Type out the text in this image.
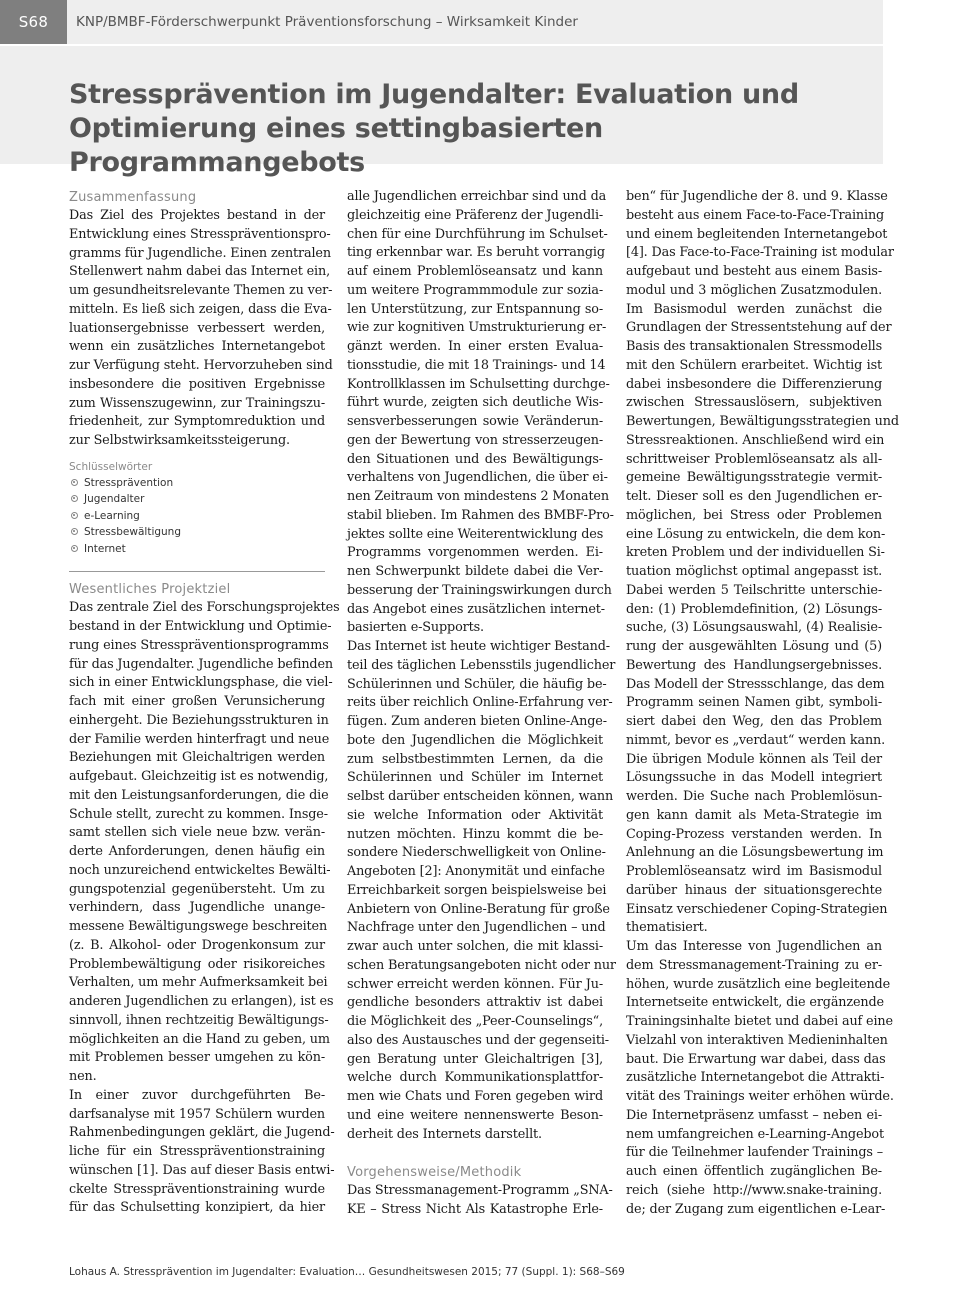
S68	KNP/BMBF-Förderschwerpunkt Präventionsforschung – Wirksamkeit Kinder
Stressprävention im Jugendalter: Evaluation und
Optimierung eines settingbasierten Programmangebots
Zusammenfassung
Das Ziel des Projektes bestand in der
Entwicklung eines Stresspräventionspro-
gramms für Jugendliche. Einen zentralen
Stellenwert nahm dabei das Internet ein,
um gesundheitsrelevante Themen zu ver-
mitteln. Es ließ sich zeigen, dass die Eva-
luationsergebnisse verbessert werden,
wenn ein zusätzliches Internetangebot
zur Verfügung steht. Hervorzuheben sind
insbesondere die positiven Ergebnisse
zum Wissenszugewinn, zur Trainingszu-
friedenheit, zur Symptomreduktion und
zur Selbstwirksamkeitssteigerung.
Schlüsselwörter
Stressprävention
Jugendalter
e-Learning
Stressbewältigung
Internet
Wesentliches Projektziel
Das zentrale Ziel des Forschungsprojektes
bestand in der Entwicklung und Optimie-
rung eines Stresspräventionsprogramms
für das Jugendalter. Jugendliche befinden
sich in einer Entwicklungsphase, die viel-
fach mit einer großen Verunsicherung
einhergeht. Die Beziehungsstrukturen in
der Familie werden hinterfragt und neue
Beziehungen mit Gleichaltrigen werden
aufgebaut. Gleichzeitig ist es notwendig,
mit den Leistungsanforderungen, die die
Schule stellt, zurecht zu kommen. Insge-
samt stellen sich viele neue bzw. verän-
derte Anforderungen, denen häufig ein
noch unzureichend entwickeltes Bewälti-
gungspotenzial gegenübersteht. Um zu
verhindern, dass Jugendliche unange-
messene Bewältigungswege beschreiten
(z. B. Alkohol- oder Drogenkonsum zur
Problembewältigung oder risikoreiches
Verhalten, um mehr Aufmerksamkeit bei
anderen Jugendlichen zu erlangen), ist es
sinnvoll, ihnen rechtzeitig Bewältigungs-
möglichkeiten an die Hand zu geben, um
mit Problemen besser umgehen zu kön-
nen.
In einer zuvor durchgeführten Be-
darfsanalyse mit 1957 Schülern wurden
Rahmenbedingungen geklärt, die Jugend-
liche für ein Stresspräventionstraining
wünschen [1]. Das auf dieser Basis entwi-
ckelte Stresspräventionstraining wurde
für das Schulsetting konzipiert, da hier
alle Jugendlichen erreichbar sind und da
gleichzeitig eine Präferenz der Jugendli-
chen für eine Durchführung im Schulset-
ting erkennbar war. Es beruht vorrangig
auf einem Problemlöseansatz und kann
um weitere Programmmodule zur sozia-
len Unterstützung, zur Entspannung so-
wie zur kognitiven Umstrukturierung er-
gänzt werden. In einer ersten Evalua-
tionsstudie, die mit 18 Trainings- und 14
Kontrollklassen im Schulsetting durchge-
führt wurde, zeigten sich deutliche Wis-
sensverbesserungen sowie Veränderun-
gen der Bewertung von stresserzeugen-
den Situationen und des Bewältigungs-
verhaltens von Jugendlichen, die über ei-
nen Zeitraum von mindestens 2 Monaten
stabil blieben. Im Rahmen des BMBF-Pro-
jektes sollte eine Weiterentwicklung des
Programms vorgenommen werden. Ei-
nen Schwerpunkt bildete dabei die Ver-
besserung der Trainingswirkungen durch
das Angebot eines zusätzlichen internet-
basierten e-Supports.
Das Internet ist heute wichtiger Bestand-
teil des täglichen Lebensstils jugendlicher
Schülerinnen und Schüler, die häufig be-
reits über reichlich Online-Erfahrung ver-
fügen. Zum anderen bieten Online-Ange-
bote den Jugendlichen die Möglichkeit
zum selbstbestimmten Lernen, da die
Schülerinnen und Schüler im Internet
selbst darüber entscheiden können, wann
sie welche Information oder Aktivität
nutzen möchten. Hinzu kommt die be-
sondere Niederschwelligkeit von Online-
Angeboten [2]: Anonymität und einfache
Erreichbarkeit sorgen beispielsweise bei
Anbietern von Online-Beratung für große
Nachfrage unter den Jugendlichen – und
zwar auch unter solchen, die mit klassi-
schen Beratungsangeboten nicht oder nur
schwer erreicht werden können. Für Ju-
gendliche besonders attraktiv ist dabei
die Möglichkeit des „Peer-Counselings“,
also des Austausches und der gegenseiti-
gen Beratung unter Gleichaltrigen [3],
welche durch Kommunikationsplattfor-
men wie Chats und Foren gegeben wird
und eine weitere nennenswerte Beson-
derheit des Internets darstellt.
Vorgehensweise/Methodik
Das Stressmanagement-Programm „SNA-
KE – Stress Nicht Als Katastrophe Erle-
ben“ für Jugendliche der 8. und 9. Klasse
besteht aus einem Face-to-Face-Training
und einem begleitenden Internetangebot
[4]. Das Face-to-Face-Training ist modular
aufgebaut und besteht aus einem Basis-
modul und 3 möglichen Zusatzmodulen.
Im Basismodul werden zunächst die
Grundlagen der Stressentstehung auf der
Basis des transaktionalen Stressmodells
mit den Schülern erarbeitet. Wichtig ist
dabei insbesondere die Differenzierung
zwischen Stressauslösern, subjektiven
Bewertungen, Bewältigungsstrategien und
Stressreaktionen. Anschließend wird ein
schrittweiser Problemlöseansatz als all-
gemeine Bewältigungsstrategie vermit-
telt. Dieser soll es den Jugendlichen er-
möglichen, bei Stress oder Problemen
eine Lösung zu entwickeln, die dem kon-
kreten Problem und der individuellen Si-
tuation möglichst optimal angepasst ist.
Dabei werden 5 Teilschritte unterschie-
den: (1) Problemdefinition, (2) Lösungs-
suche, (3) Lösungsauswahl, (4) Realisie-
rung der ausgewählten Lösung und (5)
Bewertung des Handlungsergebnisses.
Das Modell der Stressschlange, das dem
Programm seinen Namen gibt, symboli-
siert dabei den Weg, den das Problem
nimmt, bevor es „verdaut“ werden kann.
Die übrigen Module können als Teil der
Lösungssuche in das Modell integriert
werden. Die Suche nach Problemlösun-
gen kann damit als Meta-Strategie im
Coping-Prozess verstanden werden. In
Anlehnung an die Lösungsbewertung im
Problemlöseansatz wird im Basismodul
darüber hinaus der situationsgerechte
Einsatz verschiedener Coping-Strategien
thematisiert.
Um das Interesse von Jugendlichen an
dem Stressmanagement-Training zu er-
höhen, wurde zusätzlich eine begleitende
Internetseite entwickelt, die ergänzende
Trainingsinhalte bietet und dabei auf eine
Vielzahl von interaktiven Medieninhalten
baut. Die Erwartung war dabei, dass das
zusätzliche Internetangebot die Attrakti-
vität des Trainings weiter erhöhen würde.
Die Internetpräsenz umfasst – neben ei-
nem umfangreichen e-Learning-Angebot
für die Teilnehmer laufender Trainings –
auch einen öffentlich zugänglichen Be-
reich (siehe http://www.snake-training.
de; der Zugang zum eigentlichen e-Lear-
Lohaus A. Stressprävention im Jugendalter: Evaluation… Gesundheitswesen 2015; 77 (Suppl. 1): S68–S69
